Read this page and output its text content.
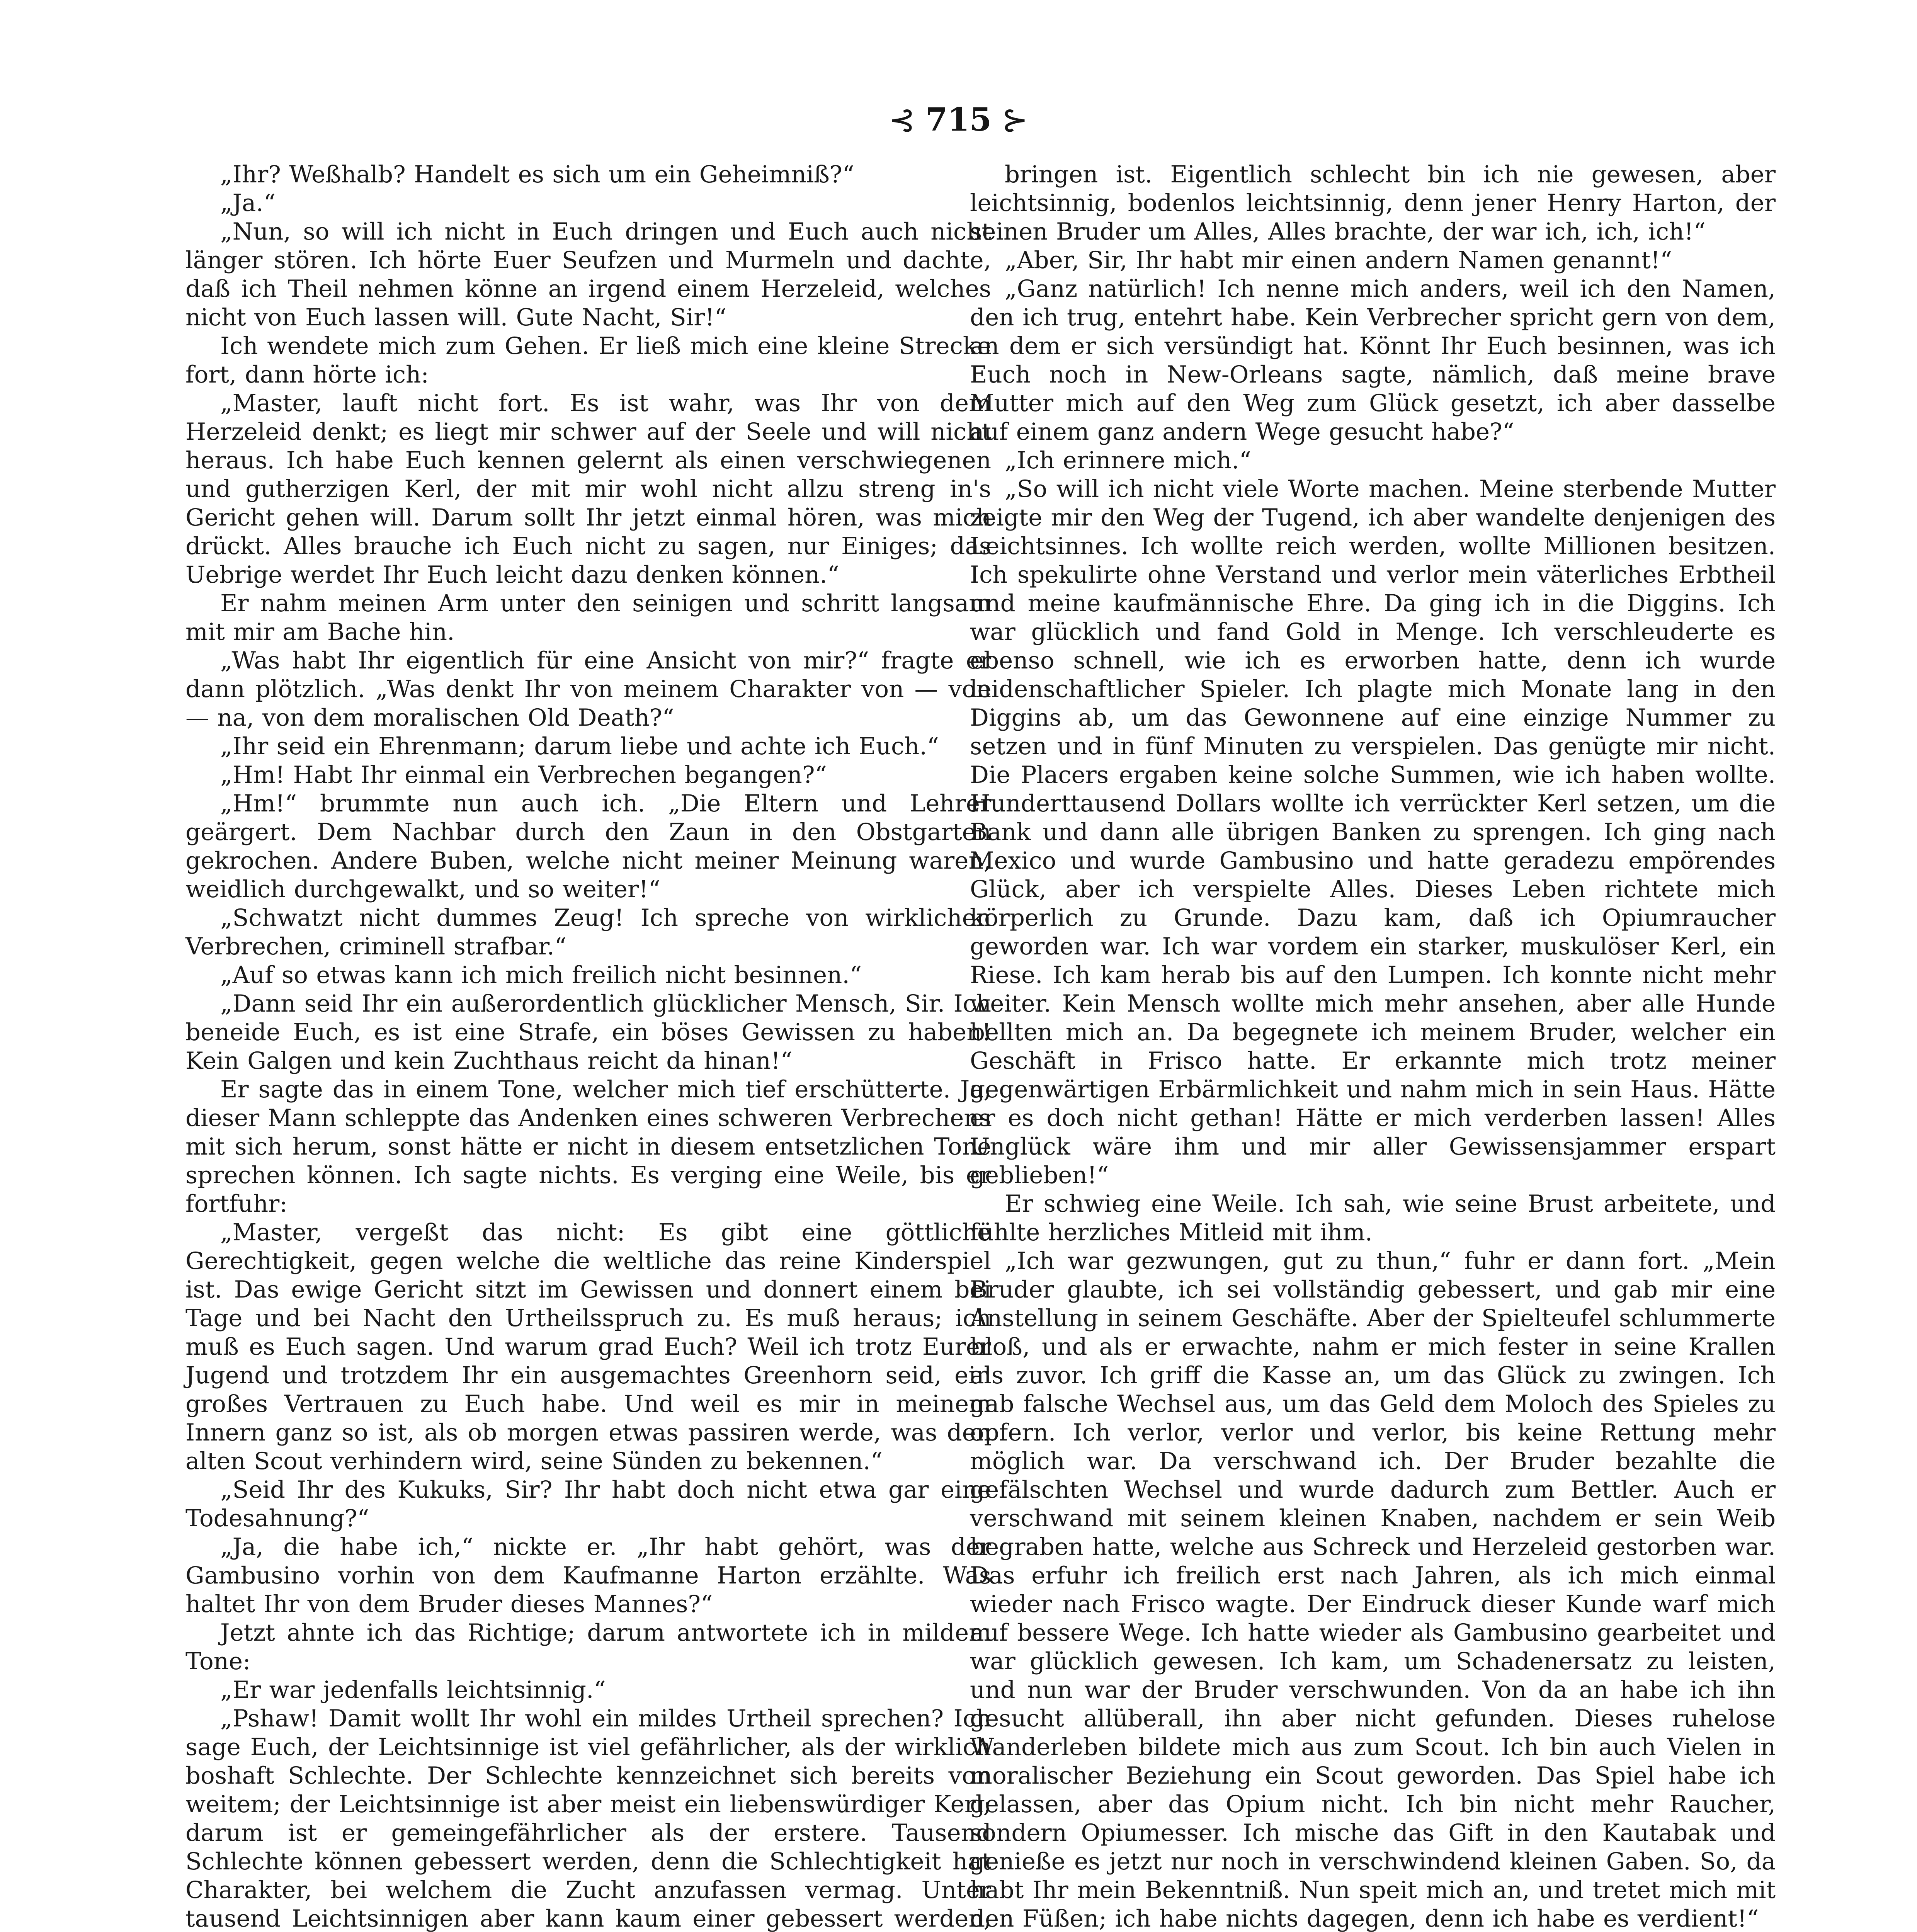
⊰ 715 ⊱

„Ihr? Weßhalb? Handelt es sich um ein Geheimniß?“

„Ja.“

„Nun, so will ich nicht in Euch dringen und Euch auch nicht länger stören. Ich hörte Euer Seufzen und Murmeln und dachte, daß ich Theil nehmen könne an irgend einem Herzeleid, welches nicht von Euch lassen will. Gute Nacht, Sir!“

Ich wendete mich zum Gehen. Er ließ mich eine kleine Strecke fort, dann hörte ich:

„Master, lauft nicht fort. Es ist wahr, was Ihr von dem Herzeleid denkt; es liegt mir schwer auf der Seele und will nicht heraus. Ich habe Euch kennen gelernt als einen verschwiegenen und gutherzigen Kerl, der mit mir wohl nicht allzu streng in's Gericht gehen will. Darum sollt Ihr jetzt einmal hören, was mich drückt. Alles brauche ich Euch nicht zu sagen, nur Einiges; das Uebrige werdet Ihr Euch leicht dazu denken können.“

Er nahm meinen Arm unter den seinigen und schritt langsam mit mir am Bache hin.

„Was habt Ihr eigentlich für eine Ansicht von mir?“ fragte er dann plötzlich. „Was denkt Ihr von meinem Charakter von — von — na, von dem moralischen Old Death?“

„Ihr seid ein Ehrenmann; darum liebe und achte ich Euch.“

„Hm! Habt Ihr einmal ein Verbrechen begangen?“

„Hm!“ brummte nun auch ich. „Die Eltern und Lehrer geärgert. Dem Nachbar durch den Zaun in den Obstgarten gekrochen. Andere Buben, welche nicht meiner Meinung waren, weidlich durchgewalkt, und so weiter!“

„Schwatzt nicht dummes Zeug! Ich spreche von wirklichen Verbrechen, criminell strafbar.“

„Auf so etwas kann ich mich freilich nicht besinnen.“

„Dann seid Ihr ein außerordentlich glücklicher Mensch, Sir. Ich beneide Euch, es ist eine Strafe, ein böses Gewissen zu haben! Kein Galgen und kein Zuchthaus reicht da hinan!“

Er sagte das in einem Tone, welcher mich tief erschütterte. Ja, dieser Mann schleppte das Andenken eines schweren Verbrechens mit sich herum, sonst hätte er nicht in diesem entsetzlichen Tone sprechen können. Ich sagte nichts. Es verging eine Weile, bis er fortfuhr:

„Master, vergeßt das nicht: Es gibt eine göttliche Gerechtigkeit, gegen welche die weltliche das reine Kinderspiel ist. Das ewige Gericht sitzt im Gewissen und donnert einem bei Tage und bei Nacht den Urtheilsspruch zu. Es muß heraus; ich muß es Euch sagen. Und warum grad Euch? Weil ich trotz Eurer Jugend und trotzdem Ihr ein ausgemachtes Greenhorn seid, ein großes Vertrauen zu Euch habe. Und weil es mir in meinem Innern ganz so ist, als ob morgen etwas passiren werde, was den alten Scout verhindern wird, seine Sünden zu bekennen.“

„Seid Ihr des Kukuks, Sir? Ihr habt doch nicht etwa gar eine Todesahnung?“

„Ja, die habe ich,“ nickte er. „Ihr habt gehört, was der Gambusino vorhin von dem Kaufmanne Harton erzählte. Was haltet Ihr von dem Bruder dieses Mannes?“

Jetzt ahnte ich das Richtige; darum antwortete ich in mildem Tone:

„Er war jedenfalls leichtsinnig.“

„Pshaw! Damit wollt Ihr wohl ein mildes Urtheil sprechen? Ich sage Euch, der Leichtsinnige ist viel gefährlicher, als der wirklich boshaft Schlechte. Der Schlechte kennzeichnet sich bereits von weitem; der Leichtsinnige ist aber meist ein liebenswürdiger Kerl; darum ist er gemeingefährlicher als der erstere. Tausend Schlechte können gebessert werden, denn die Schlechtigkeit hat Charakter, bei welchem die Zucht anzufassen vermag. Unter tausend Leichtsinnigen aber kann kaum einer gebessert werden,

bringen ist. Eigentlich schlecht bin ich nie gewesen, aber leichtsinnig, bodenlos leichtsinnig, denn jener Henry Harton, der seinen Bruder um Alles, Alles brachte, der war ich, ich, ich!“

„Aber, Sir, Ihr habt mir einen andern Namen genannt!“

„Ganz natürlich! Ich nenne mich anders, weil ich den Namen, den ich trug, entehrt habe. Kein Verbrecher spricht gern von dem, an dem er sich versündigt hat. Könnt Ihr Euch besinnen, was ich Euch noch in New-Orleans sagte, nämlich, daß meine brave Mutter mich auf den Weg zum Glück gesetzt, ich aber dasselbe auf einem ganz andern Wege gesucht habe?“

„Ich erinnere mich.“

„So will ich nicht viele Worte machen. Meine sterbende Mutter zeigte mir den Weg der Tugend, ich aber wandelte denjenigen des Leichtsinnes. Ich wollte reich werden, wollte Millionen besitzen. Ich spekulirte ohne Verstand und verlor mein väterliches Erbtheil und meine kaufmännische Ehre. Da ging ich in die Diggins. Ich war glücklich und fand Gold in Menge. Ich verschleuderte es ebenso schnell, wie ich es erworben hatte, denn ich wurde leidenschaftlicher Spieler. Ich plagte mich Monate lang in den Diggins ab, um das Gewonnene auf eine einzige Nummer zu setzen und in fünf Minuten zu verspielen. Das genügte mir nicht. Die Placers ergaben keine solche Summen, wie ich haben wollte. Hunderttausend Dollars wollte ich verrückter Kerl setzen, um die Bank und dann alle übrigen Banken zu sprengen. Ich ging nach Mexico und wurde Gambusino und hatte geradezu empörendes Glück, aber ich verspielte Alles. Dieses Leben richtete mich körperlich zu Grunde. Dazu kam, daß ich Opiumraucher geworden war. Ich war vordem ein starker, muskulöser Kerl, ein Riese. Ich kam herab bis auf den Lumpen. Ich konnte nicht mehr weiter. Kein Mensch wollte mich mehr ansehen, aber alle Hunde bellten mich an. Da begegnete ich meinem Bruder, welcher ein Geschäft in Frisco hatte. Er erkannte mich trotz meiner gegenwärtigen Erbärmlichkeit und nahm mich in sein Haus. Hätte er es doch nicht gethan! Hätte er mich verderben lassen! Alles Unglück wäre ihm und mir aller Gewissensjammer erspart geblieben!“

Er schwieg eine Weile. Ich sah, wie seine Brust arbeitete, und fühlte herzliches Mitleid mit ihm.

„Ich war gezwungen, gut zu thun,“ fuhr er dann fort. „Mein Bruder glaubte, ich sei vollständig gebessert, und gab mir eine Anstellung in seinem Geschäfte. Aber der Spielteufel schlummerte bloß, und als er erwachte, nahm er mich fester in seine Krallen als zuvor. Ich griff die Kasse an, um das Glück zu zwingen. Ich gab falsche Wechsel aus, um das Geld dem Moloch des Spieles zu opfern. Ich verlor, verlor und verlor, bis keine Rettung mehr möglich war. Da verschwand ich. Der Bruder bezahlte die gefälschten Wechsel und wurde dadurch zum Bettler. Auch er verschwand mit seinem kleinen Knaben, nachdem er sein Weib begraben hatte, welche aus Schreck und Herzeleid gestorben war. Das erfuhr ich freilich erst nach Jahren, als ich mich einmal wieder nach Frisco wagte. Der Eindruck dieser Kunde warf mich auf bessere Wege. Ich hatte wieder als Gambusino gearbeitet und war glücklich gewesen. Ich kam, um Schadenersatz zu leisten, und nun war der Bruder verschwunden. Von da an habe ich ihn gesucht allüberall, ihn aber nicht gefunden. Dieses ruhelose Wanderleben bildete mich aus zum Scout. Ich bin auch Vielen in moralischer Beziehung ein Scout geworden. Das Spiel habe ich gelassen, aber das Opium nicht. Ich bin nicht mehr Raucher, sondern Opiumesser. Ich mische das Gift in den Kautabak und genieße es jetzt nur noch in verschwindend kleinen Gaben. So, da habt Ihr mein Bekenntniß. Nun speit mich an, und tretet mich mit den Füßen; ich habe nichts dagegen, denn ich habe es verdient!“
